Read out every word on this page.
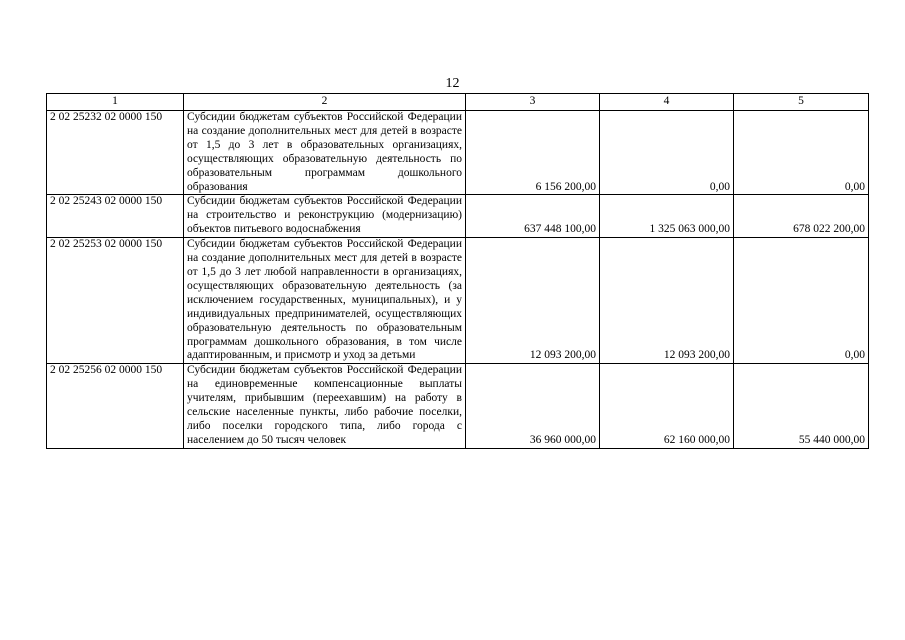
12
1	2	3	4	5
2 02 25232 02 0000 150	Субсидии бюджетам субъектов Российской Федерации на создание дополнительных мест для детей в возрасте от 1,5 до 3 лет в образовательных организациях, осуществляющих образовательную деятельность по образовательным программам дошкольного образования	6 156 200,00	0,00	0,00
2 02 25243 02 0000 150	Субсидии бюджетам субъектов Российской Федерации на строительство и реконструкцию (модернизацию) объектов питьевого водоснабжения	637 448 100,00	1 325 063 000,00	678 022 200,00
2 02 25253 02 0000 150	Субсидии бюджетам субъектов Российской Федерации на создание дополнительных мест для детей в возрасте от 1,5 до 3 лет любой направленности в организациях, осуществляющих образовательную деятельность (за исключением государственных, муниципальных), и у индивидуальных предпринимателей, осуществляющих образовательную деятельность по образовательным программам дошкольного образования, в том числе адаптированным, и присмотр и уход за детьми	12 093 200,00	12 093 200,00	0,00
2 02 25256 02 0000 150	Субсидии бюджетам субъектов Российской Федерации на единовременные компенсационные выплаты учителям, прибывшим (переехавшим) на работу в сельские населенные пункты, либо рабочие поселки, либо поселки городского типа, либо города с населением до 50 тысяч человек	36 960 000,00	62 160 000,00	55 440 000,00
